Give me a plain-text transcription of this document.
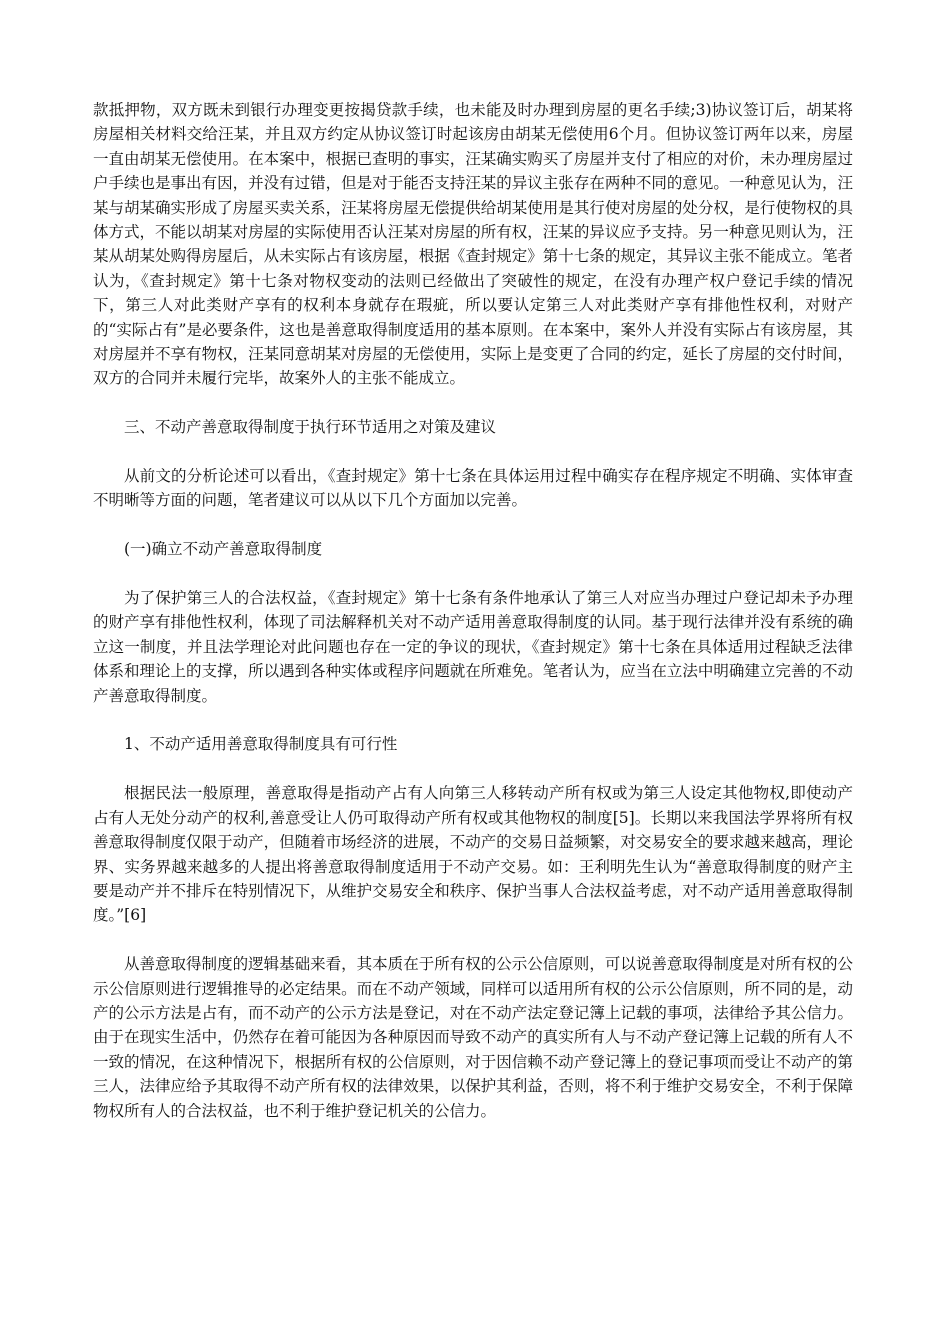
款抵押物，双方既未到银行办理变更按揭贷款手续，也未能及时办理到房屋的更名手续;3)协议签订后，胡某将房屋相关材料交给汪某，并且双方约定从协议签订时起该房由胡某无偿使用6个月。但协议签订两年以来，房屋一直由胡某无偿使用。在本案中，根据已查明的事实，汪某确实购买了房屋并支付了相应的对价，未办理房屋过户手续也是事出有因，并没有过错，但是对于能否支持汪某的异议主张存在两种不同的意见。一种意见认为，汪某与胡某确实形成了房屋买卖关系，汪某将房屋无偿提供给胡某使用是其行使对房屋的处分权，是行使物权的具体方式，不能以胡某对房屋的实际使用否认汪某对房屋的所有权，汪某的异议应予支持。另一种意见则认为，汪某从胡某处购得房屋后，从未实际占有该房屋，根据《查封规定》第十七条的规定，其异议主张不能成立。笔者认为，《查封规定》第十七条对物权变动的法则已经做出了突破性的规定，在没有办理产权户登记手续的情况下，第三人对此类财产享有的权利本身就存在瑕疵，所以要认定第三人对此类财产享有排他性权利，对财产的“实际占有”是必要条件，这也是善意取得制度适用的基本原则。在本案中，案外人并没有实际占有该房屋，其对房屋并不享有物权，汪某同意胡某对房屋的无偿使用，实际上是变更了合同的约定，延长了房屋的交付时间，双方的合同并未履行完毕，故案外人的主张不能成立。

三、不动产善意取得制度于执行环节适用之对策及建议

从前文的分析论述可以看出，《查封规定》第十七条在具体运用过程中确实存在程序规定不明确、实体审查不明晰等方面的问题，笔者建议可以从以下几个方面加以完善。

(一)确立不动产善意取得制度

为了保护第三人的合法权益，《查封规定》第十七条有条件地承认了第三人对应当办理过户登记却未予办理的财产享有排他性权利，体现了司法解释机关对不动产适用善意取得制度的认同。基于现行法律并没有系统的确立这一制度，并且法学理论对此问题也存在一定的争议的现状，《查封规定》第十七条在具体适用过程缺乏法律体系和理论上的支撑，所以遇到各种实体或程序问题就在所难免。笔者认为，应当在立法中明确建立完善的不动产善意取得制度。

1、不动产适用善意取得制度具有可行性

根据民法一般原理，善意取得是指动产占有人向第三人移转动产所有权或为第三人设定其他物权,即使动产占有人无处分动产的权利,善意受让人仍可取得动产所有权或其他物权的制度[5]。长期以来我国法学界将所有权善意取得制度仅限于动产，但随着市场经济的进展，不动产的交易日益频繁，对交易安全的要求越来越高，理论界、实务界越来越多的人提出将善意取得制度适用于不动产交易。如：王利明先生认为“善意取得制度的财产主要是动产并不排斥在特别情况下，从维护交易安全和秩序、保护当事人合法权益考虑，对不动产适用善意取得制度。”[6]

从善意取得制度的逻辑基础来看，其本质在于所有权的公示公信原则，可以说善意取得制度是对所有权的公示公信原则进行逻辑推导的必定结果。而在不动产领域，同样可以适用所有权的公示公信原则，所不同的是，动产的公示方法是占有，而不动产的公示方法是登记，对在不动产法定登记簿上记载的事项，法律给予其公信力。由于在现实生活中，仍然存在着可能因为各种原因而导致不动产的真实所有人与不动产登记簿上记载的所有人不一致的情况，在这种情况下，根据所有权的公信原则，对于因信赖不动产登记簿上的登记事项而受让不动产的第三人，法律应给予其取得不动产所有权的法律效果，以保护其利益，否则，将不利于维护交易安全，不利于保障物权所有人的合法权益，也不利于维护登记机关的公信力。
